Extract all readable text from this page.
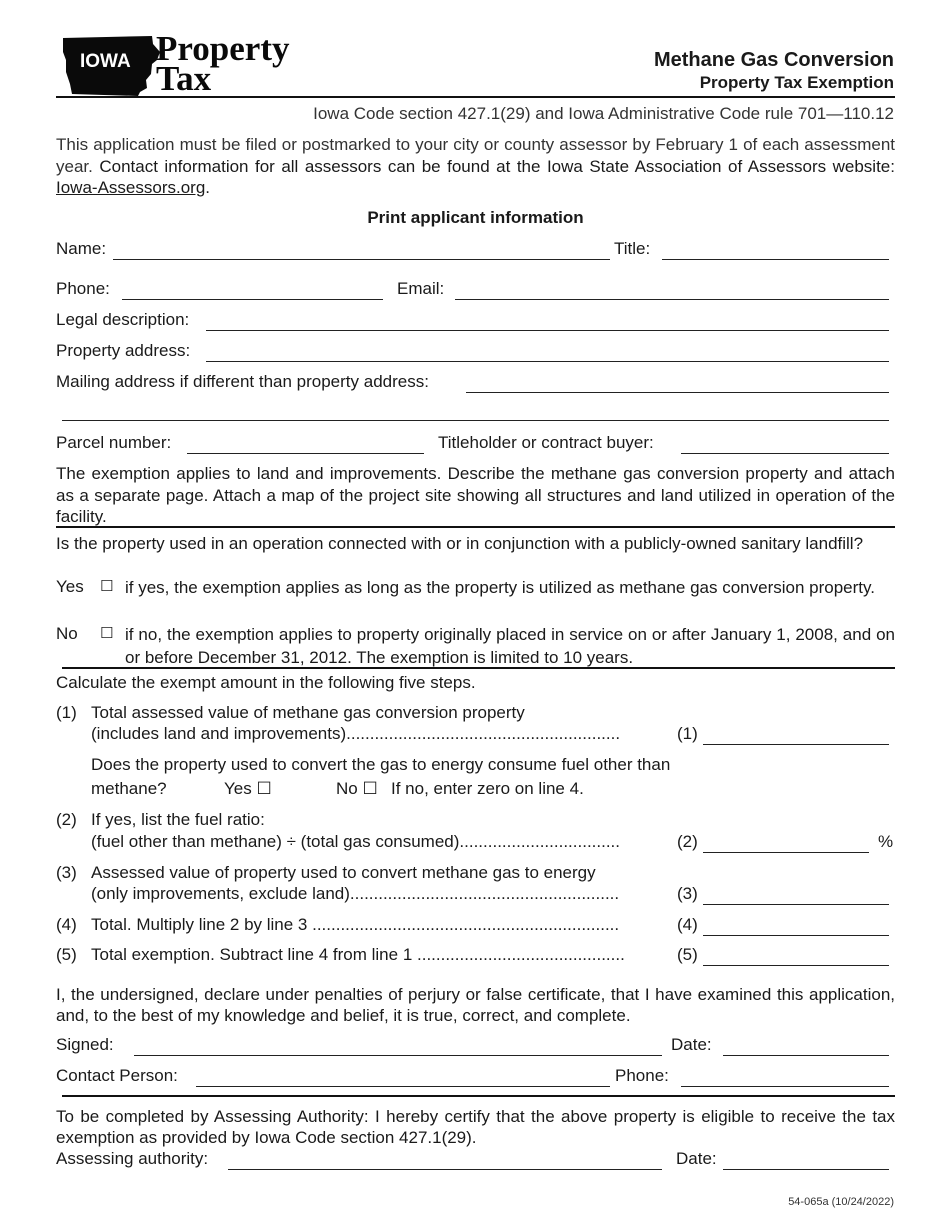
IOWA Property
Tax	Methane Gas Conversion
Property Tax Exemption
Iowa Code section 427.1(29) and Iowa Administrative Code rule 701—110.12
This application must be filed or postmarked to your city or county assessor by February 1 of each assessment year. Contact information for all assessors can be found at the Iowa State Association of Assessors website: Iowa-Assessors.org.
Print applicant information
Name:	Title:
Phone:	Email:
Legal description:
Property address:
Mailing address if different than property address:
Parcel number:	Titleholder or contract buyer:
The exemption applies to land and improvements. Describe the methane gas conversion property and attach as a separate page. Attach a map of the project site showing all structures and land utilized in operation of the facility.
Is the property used in an operation connected with or in conjunction with a publicly-owned sanitary landfill?
Yes ☐ if yes, the exemption applies as long as the property is utilized as methane gas conversion property.
No ☐ if no, the exemption applies to property originally placed in service on or after January 1, 2008, and on or before December 31, 2012. The exemption is limited to 10 years.
Calculate the exempt amount in the following five steps.
(1) Total assessed value of methane gas conversion property
(includes land and improvements)..........................................................	(1)
Does the property used to convert the gas to energy consume fuel other than
methane?	Yes ☐	No ☐ If no, enter zero on line 4.
(2) If yes, list the fuel ratio:
(fuel other than methane) ÷ (total gas consumed)..................................	(2)	%
(3) Assessed value of property used to convert methane gas to energy
(only improvements, exclude land).........................................................	(3)
(4) Total. Multiply line 2 by line 3 .................................................................	(4)
(5) Total exemption. Subtract line 4 from line 1 ............................................	(5)
I, the undersigned, declare under penalties of perjury or false certificate, that I have examined this application, and, to the best of my knowledge and belief, it is true, correct, and complete.
Signed:	Date:
Contact Person:	Phone:
To be completed by Assessing Authority: I hereby certify that the above property is eligible to receive the tax exemption as provided by Iowa Code section 427.1(29).
Assessing authority:	Date:
54-065a (10/24/2022)
